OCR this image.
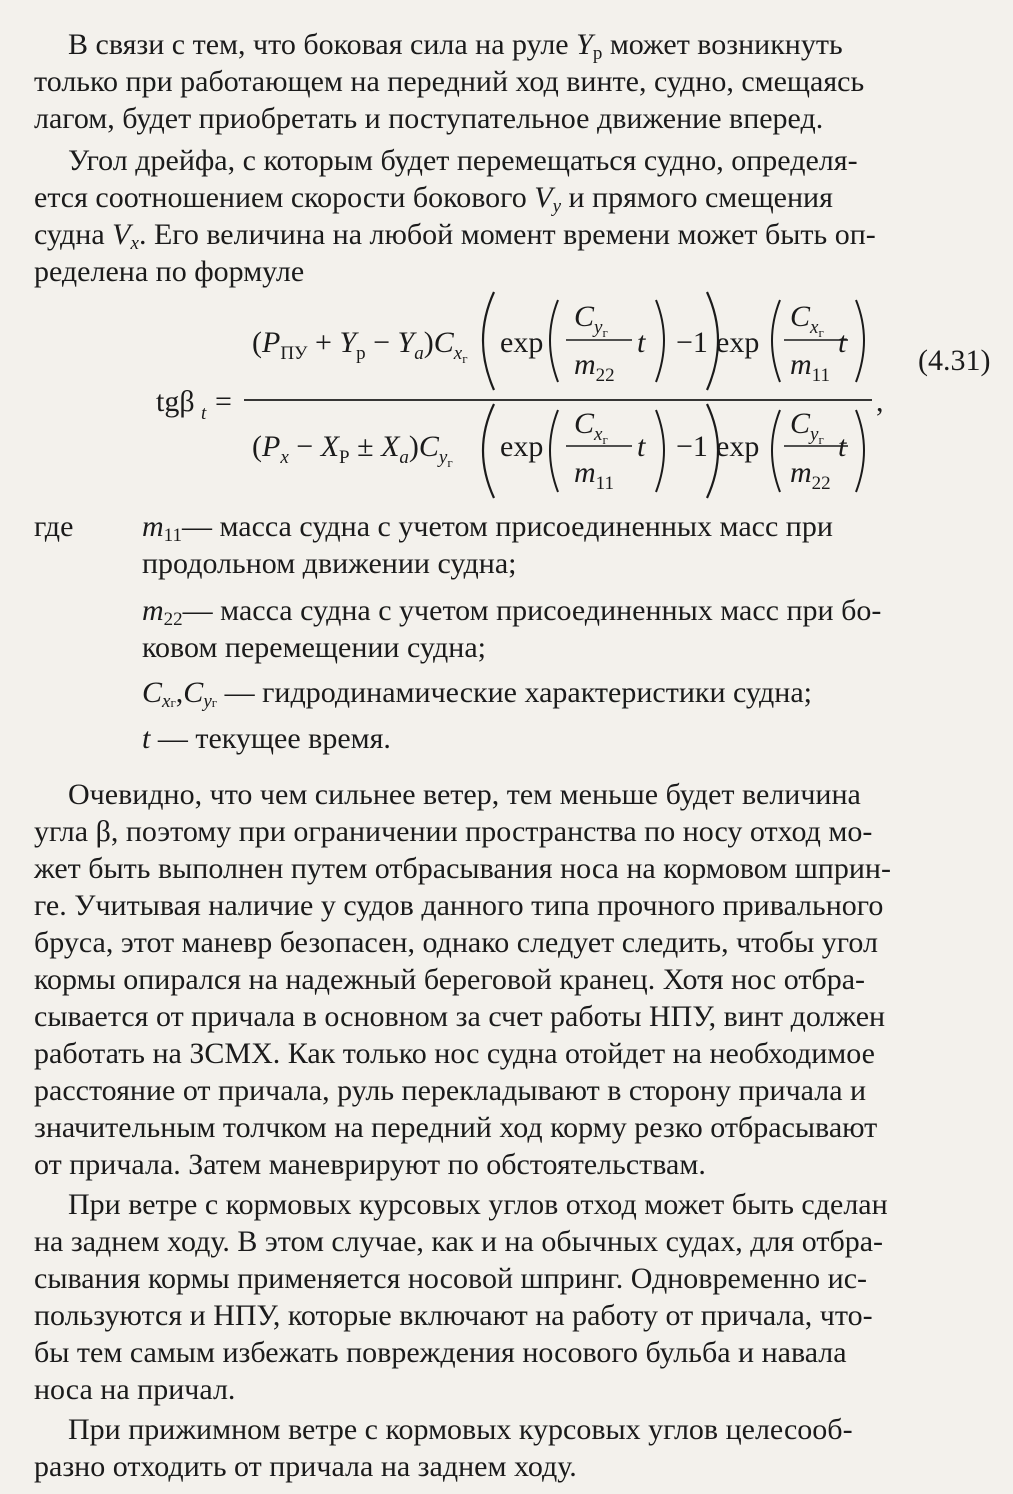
В связи с тем, что боковая сила на руле $Y_р$ может возникнуть

только при работающем на передний ход винте, судно, смещаясь

лагом, будет приобретать и поступательное движение вперед.

Угол дрейфа, с которым будет перемещаться судно, определя-

ется соотношением скорости бокового $V_y$ и прямого смещения

судна $V_x$. Его величина на любой момент времени может быть оп-

ределена по формуле

tgβ t =	,
(4.31)
$(P_{ПУ} + Y_р - Y_a)C_xг$ exp
$C_yг$
$m_{22}$
t −1 exp
$C_xг$
$m_{11}$
t
$(P_x - X_Р \pm X_a)C_yг$ exp
$C_xг$
$m_{11}$
t −1 exp
$C_yг$
$m_{22}$
t
где $m_{11}—$ масса судна с учетом присоединенных масс при
продольном движении судна;
$m_{22}—$ масса судна с учетом присоединенных масс при бо-
ковом перемещении судна;
$C_{xг},C_{yг}$ — гидродинамические характеристики судна;
t — текущее время.

Очевидно, что чем сильнее ветер, тем меньше будет величина

угла β, поэтому при ограничении пространства по носу отход мо-

жет быть выполнен путем отбрасывания носа на кормовом шприн-

ге. Учитывая наличие у судов данного типа прочного привального

бруса, этот маневр безопасен, однако следует следить, чтобы угол

кормы опирался на надежный береговой кранец. Хотя нос отбра-

сывается от причала в основном за счет работы НПУ, винт должен

работать на ЗСМХ. Как только нос судна отойдет на необходимое

расстояние от причала, руль перекладывают в сторону причала и

значительным толчком на передний ход корму резко отбрасывают

от причала. Затем маневрируют по обстоятельствам.

При ветре с кормовых курсовых углов отход может быть сделан

на заднем ходу. В этом случае, как и на обычных судах, для отбра-

сывания кормы применяется носовой шпринг. Одновременно ис-

пользуются и НПУ, которые включают на работу от причала, что-

бы тем самым избежать повреждения носового бульба и навала

носа на причал.

При прижимном ветре с кормовых курсовых углов целесооб-

разно отходить от причала на заднем ходу.
